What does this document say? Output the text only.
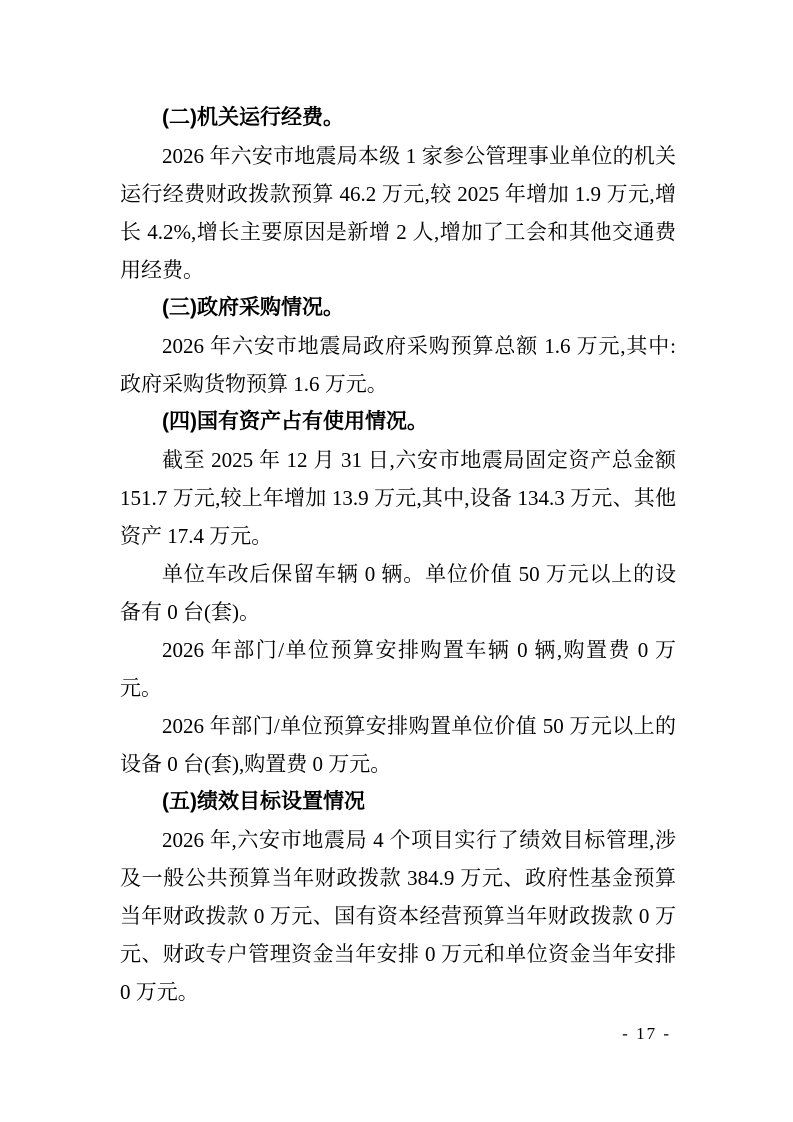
(二)机关运行经费。

2026 年六安市地震局本级 1 家参公管理事业单位的机关运行经费财政拨款预算 46.2 万元,较 2025 年增加 1.9 万元,增长 4.2%,增长主要原因是新增 2 人,增加了工会和其他交通费用经费。

(三)政府采购情况。

2026 年六安市地震局政府采购预算总额 1.6 万元,其中:政府采购货物预算 1.6 万元。

(四)国有资产占有使用情况。

截至 2025 年 12 月 31 日,六安市地震局固定资产总金额 151.7 万元,较上年增加 13.9 万元,其中,设备 134.3 万元、其他资产 17.4 万元。

单位车改后保留车辆 0 辆。单位价值 50 万元以上的设备有 0 台(套)。

2026 年部门/单位预算安排购置车辆 0 辆,购置费 0 万元。

2026 年部门/单位预算安排购置单位价值 50 万元以上的设备 0 台(套),购置费 0 万元。

(五)绩效目标设置情况

2026 年,六安市地震局 4 个项目实行了绩效目标管理,涉及一般公共预算当年财政拨款 384.9 万元、政府性基金预算当年财政拨款 0 万元、国有资本经营预算当年财政拨款 0 万元、财政专户管理资金当年安排 0 万元和单位资金当年安排 0 万元。

- 17 -
